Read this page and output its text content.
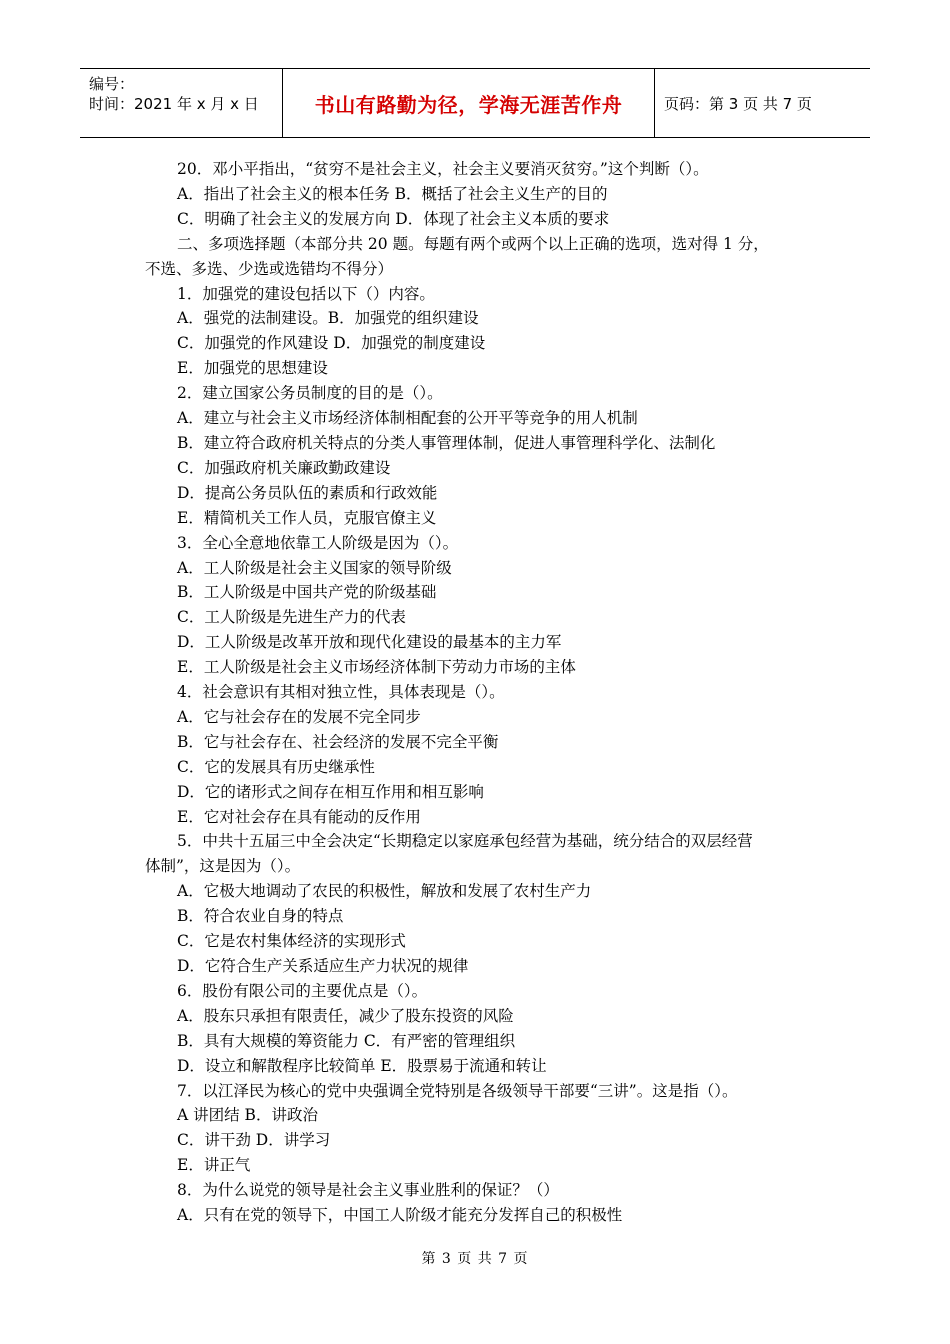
编号：
时间：2021 年 x 月 x 日	书山有路勤为径，学海无涯苦作舟	页码：第 3 页 共 7 页
20．邓小平指出，“贫穷不是社会主义，社会主义要消灭贫穷。”这个判断（）。
A．指出了社会主义的根本任务 B．概括了社会主义生产的目的
C．明确了社会主义的发展方向 D．体现了社会主义本质的要求
二、多项选择题（本部分共 20 题。每题有两个或两个以上正确的选项，选对得 1 分，
不选、多选、少选或选错均不得分）
1．加强党的建设包括以下（）内容。
A．强党的法制建设。B．加强党的组织建设
C．加强党的作风建设 D．加强党的制度建设
E．加强党的思想建设
2．建立国家公务员制度的目的是（）。
A．建立与社会主义市场经济体制相配套的公开平等竞争的用人机制
B．建立符合政府机关特点的分类人事管理体制，促进人事管理科学化、法制化
C．加强政府机关廉政勤政建设
D．提高公务员队伍的素质和行政效能
E．精简机关工作人员，克服官僚主义
3．全心全意地依靠工人阶级是因为（）。
A．工人阶级是社会主义国家的领导阶级
B．工人阶级是中国共产党的阶级基础
C．工人阶级是先进生产力的代表
D．工人阶级是改革开放和现代化建设的最基本的主力军
E．工人阶级是社会主义市场经济体制下劳动力市场的主体
4．社会意识有其相对独立性，具体表现是（）。
A．它与社会存在的发展不完全同步
B．它与社会存在、社会经济的发展不完全平衡
C．它的发展具有历史继承性
D．它的诸形式之间存在相互作用和相互影响
E．它对社会存在具有能动的反作用
5．中共十五届三中全会决定“长期稳定以家庭承包经营为基础，统分结合的双层经营
体制”，这是因为（）。
A．它极大地调动了农民的积极性，解放和发展了农村生产力
B．符合农业自身的特点
C．它是农村集体经济的实现形式
D．它符合生产关系适应生产力状况的规律
6．股份有限公司的主要优点是（）。
A．股东只承担有限责任，减少了股东投资的风险
B．具有大规模的筹资能力 C．有严密的管理组织
D．设立和解散程序比较简单 E．股票易于流通和转让
7．以江泽民为核心的党中央强调全党特别是各级领导干部要“三讲”。这是指（）。
A 讲团结 B．讲政治
C．讲干劲 D．讲学习
E．讲正气
8．为什么说党的领导是社会主义事业胜利的保证？（）
A．只有在党的领导下，中国工人阶级才能充分发挥自己的积极性
第 3 页 共 7 页
